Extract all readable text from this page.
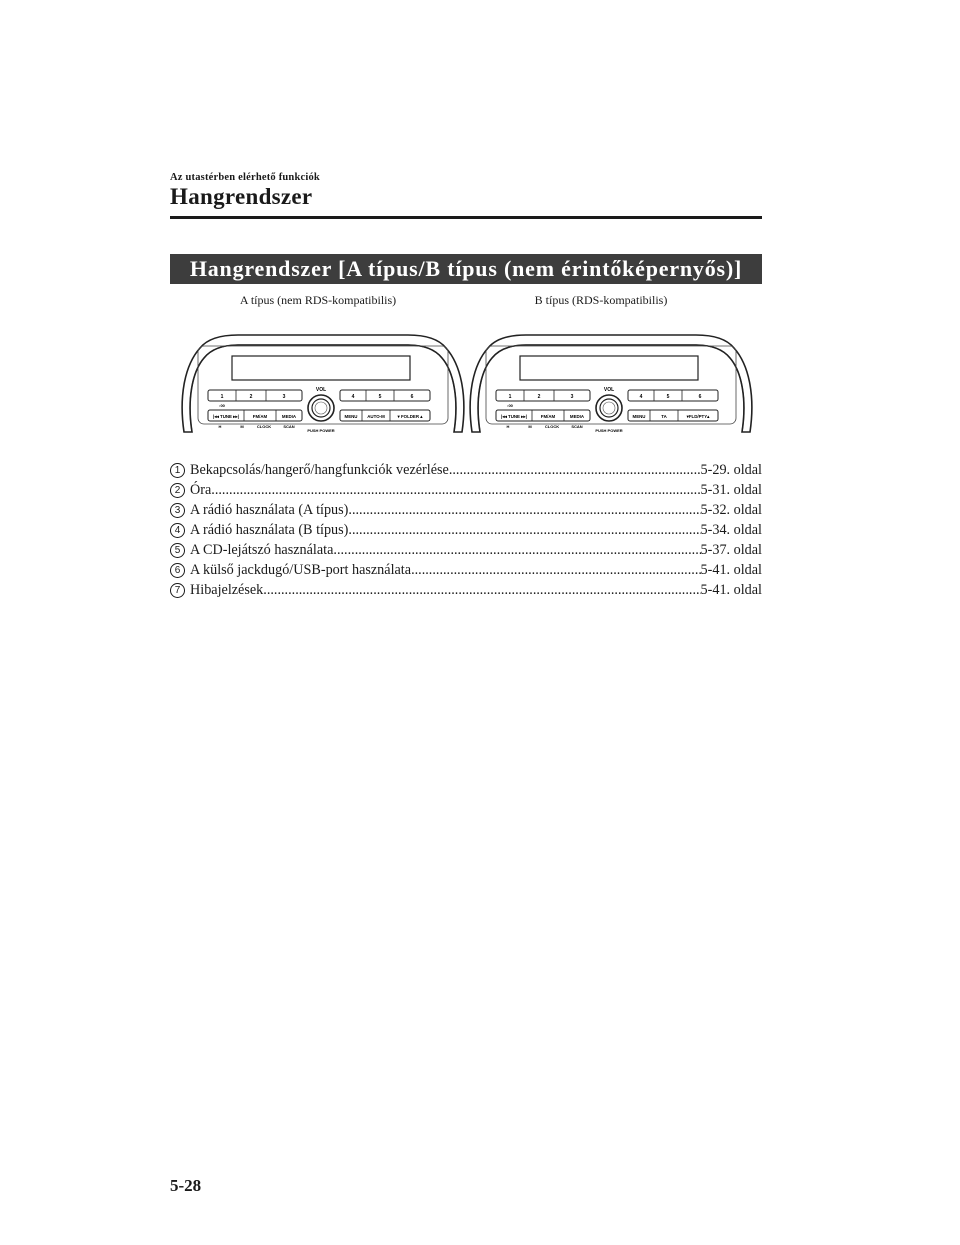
Az utastérben elérhető funkciók
Hangrendszer
Hangrendszer [A típus/B típus (nem érintőképernyős)]
A típus (nem RDS-kompatibilis)	B típus (RDS-kompatibilis)
1	2	3
:00
4	5	6
VOL
|◂◂ TUNE ▸▸|	FM/AM	MEDIA	MENU AUTO-M	▾ FOLDER ▴
H	M	CLOCK	SCAN
PUSH POWER
1	2	3
:00
4	5	6
VOL
|◂◂ TUNE ▸▸|	FM/AM	MEDIA	MENU	TA	▾FLD/PTY▴
H	M	CLOCK	SCAN
PUSH POWER
1 Bekapcsolás/hangerő/hangfunkciók vezérlése .....	5-29. oldal
2 Óra .....	5-31. oldal
3 A rádió használata (A típus) .....	5-32. oldal
4 A rádió használata (B típus) .....	5-34. oldal
5 A CD-lejátszó használata .....	5-37. oldal
6 A külső jackdugó/USB-port használata .....	5-41. oldal
7 Hibajelzések .....	5-41. oldal
5-28
